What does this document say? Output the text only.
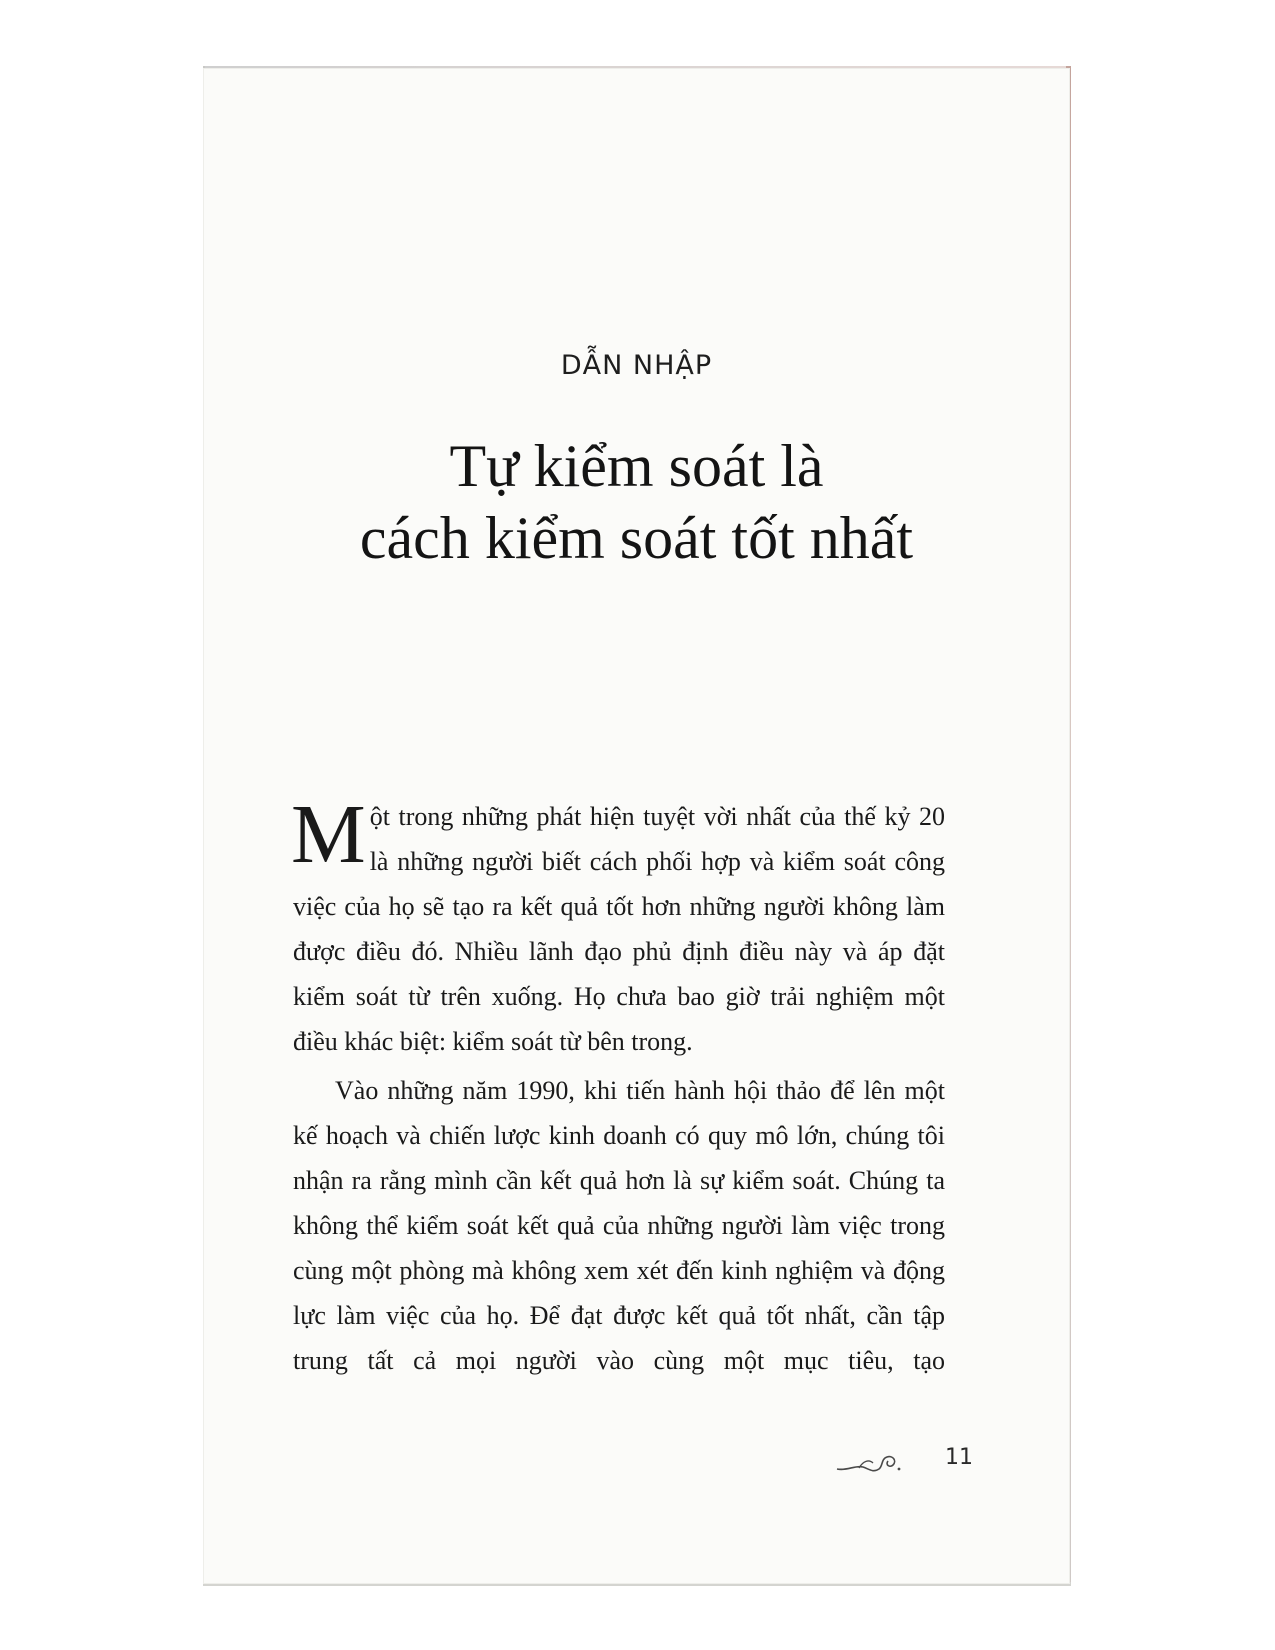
DẪN NHẬP
Tự kiểm soát là
cách kiểm soát tốt nhất

Một trong những phát hiện tuyệt vời nhất của thế kỷ 20 là những người biết cách phối hợp và kiểm soát công việc của họ sẽ tạo ra kết quả tốt hơn những người không làm được điều đó. Nhiều lãnh đạo phủ định điều này và áp đặt kiểm soát từ trên xuống. Họ chưa bao giờ trải nghiệm một điều khác biệt: kiểm soát từ bên trong.

Vào những năm 1990, khi tiến hành hội thảo để lên một kế hoạch và chiến lược kinh doanh có quy mô lớn, chúng tôi nhận ra rằng mình cần kết quả hơn là sự kiểm soát. Chúng ta không thể kiểm soát kết quả của những người làm việc trong cùng một phòng mà không xem xét đến kinh nghiệm và động lực làm việc của họ. Để đạt được kết quả tốt nhất, cần tập trung tất cả mọi người vào cùng một mục tiêu, tạo

11
